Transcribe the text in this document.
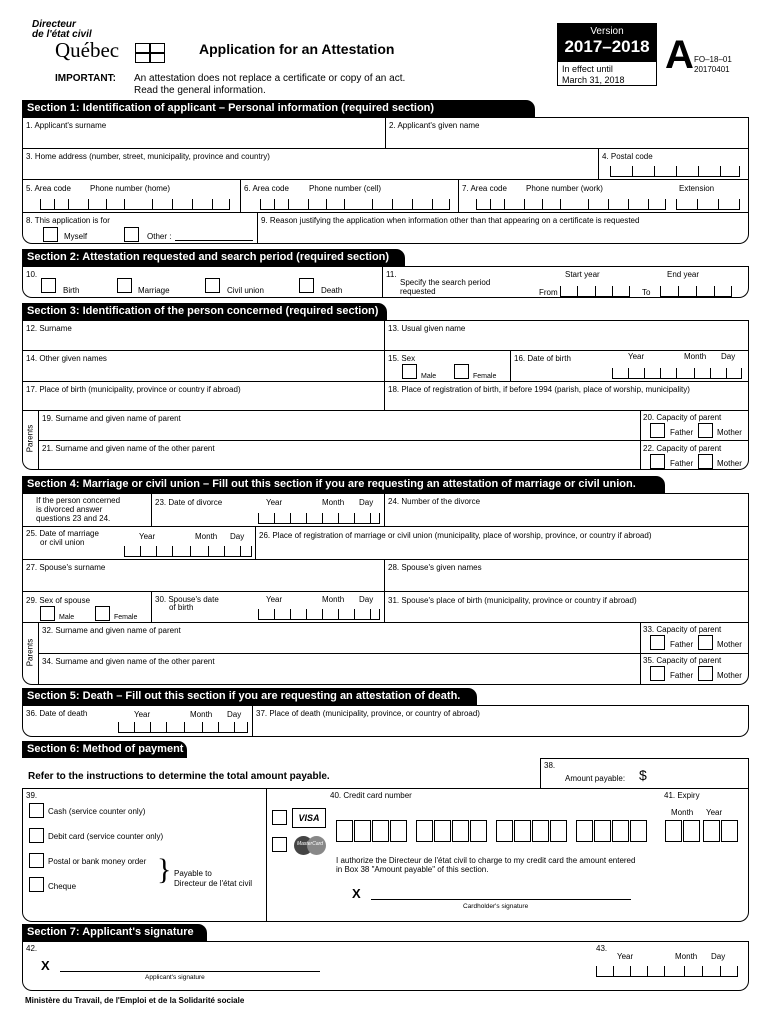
Directeur
de l'état civil
Québec	Application for an Attestation
Version
2017–2018
In effect until
March 31, 2018
A FO–18–01
20170401
IMPORTANT: An attestation does not replace a certificate or copy of an act.
Read the general information.
Section 1: Identification of applicant – Personal information (required section)
1. Applicant's surname	2. Applicant's given name
3. Home address (number, street, municipality, province and country)	4. Postal code
5. Area code Phone number (home)	6. Area code	Phone number (cell)	7. Area code Phone number (work)	Extension
8. This application is for
Myself	Other :
9. Reason justifying the application when information other than that appearing on a certificate is requested
Section 2: Attestation requested and search period (required section)
10.
Birth	Marriage	Civil union	Death
11.
Specify the search period
requested
Start year	End year
From	To
Section 3: Identification of the person concerned (required section)
12. Surname	13. Usual given name
14. Other given names	15. Sex
Male	Female
16. Date of birth	Year	Month Day
17. Place of birth (municipality, province or country if abroad)	18. Place of registration of birth, if before 1994 (parish, place of worship, municipality)
Parents
19. Surname and given name of parent	20. Capacity of parent
Father	Mother
21. Surname and given name of the other parent	22. Capacity of parent
Father	Mother
Section 4: Marriage or civil union – Fill out this section if you are requesting an attestation of marriage or civil union.
If the person concerned
is divorced answer
questions 23 and 24.
23. Date of divorce	Year	Month Day 24. Number of the divorce
25. Date of marriage
or civil union
Year	Month Day 26. Place of registration of marriage or civil union (municipality, place of worship, province, or country if abroad)
27. Spouse's surname	28. Spouse's given names
29. Sex of spouse
Male	Female
30. Spouse's date
of birth
Year	Month Day 31. Spouse's place of birth (municipality, province or country if abroad)
Parents
32. Surname and given name of parent	33. Capacity of parent
Father	Mother
34. Surname and given name of the other parent	35. Capacity of parent
Father	Mother
Section 5: Death – Fill out this section if you are requesting an attestation of death.
36. Date of death	Year	Month Day 37. Place of death (municipality, province, or country of abroad)
Section 6: Method of payment
Refer to the instructions to determine the total amount payable.
38.
Amount payable: $
39.
Cash (service counter only)
Debit card (service counter only)
Postal or bank money order
Cheque
} Payable to
Directeur de l'état civil
40. Credit card number	41. Expiry
Month Year
VISA
MasterCard
I authorize the Directeur de l'état civil to charge to my credit card the amount entered
in Box 38 "Amount payable" of this section.
X
Cardholder's signature
Section 7: Applicant's signature
42.
X
Applicant's signature
43.
Year	Month Day
Ministère du Travail, de l'Emploi et de la Solidarité sociale
